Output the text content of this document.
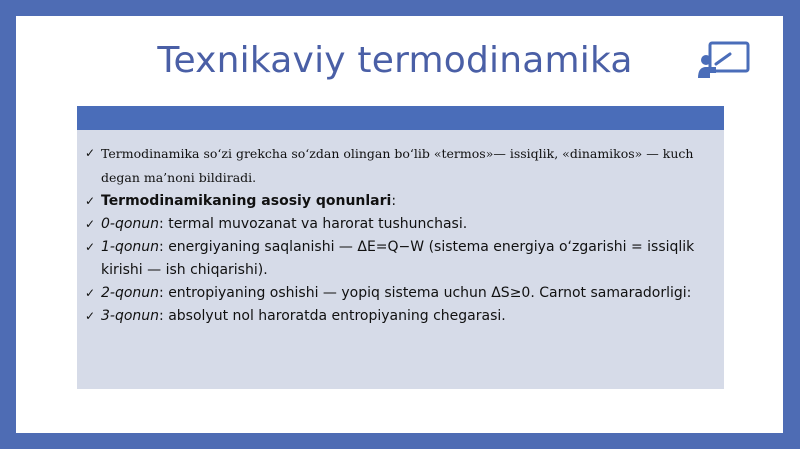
Texnikaviy termodinamika
✓ Termodinamika so‘zi grekcha so‘zdan olingan bo‘lib «termos»— issiqlik, «dinamikos» — kuch degan ma’noni bildiradi.
✓ Termodinamikaning asosiy qonunlari:
✓ 0-qonun: termal muvozanat va harorat tushunchasi.
✓ 1-qonun: energiyaning saqlanishi — ΔE=Q−W (sistema energiya o‘zgarishi = issiqlik kirishi — ish chiqarishi).
✓ 2-qonun: entropiyaning oshishi — yopiq sistema uchun ΔS≥0. Carnot samaradorligi:
✓ 3-qonun: absolyut nol haroratda entropiyaning chegarasi.
